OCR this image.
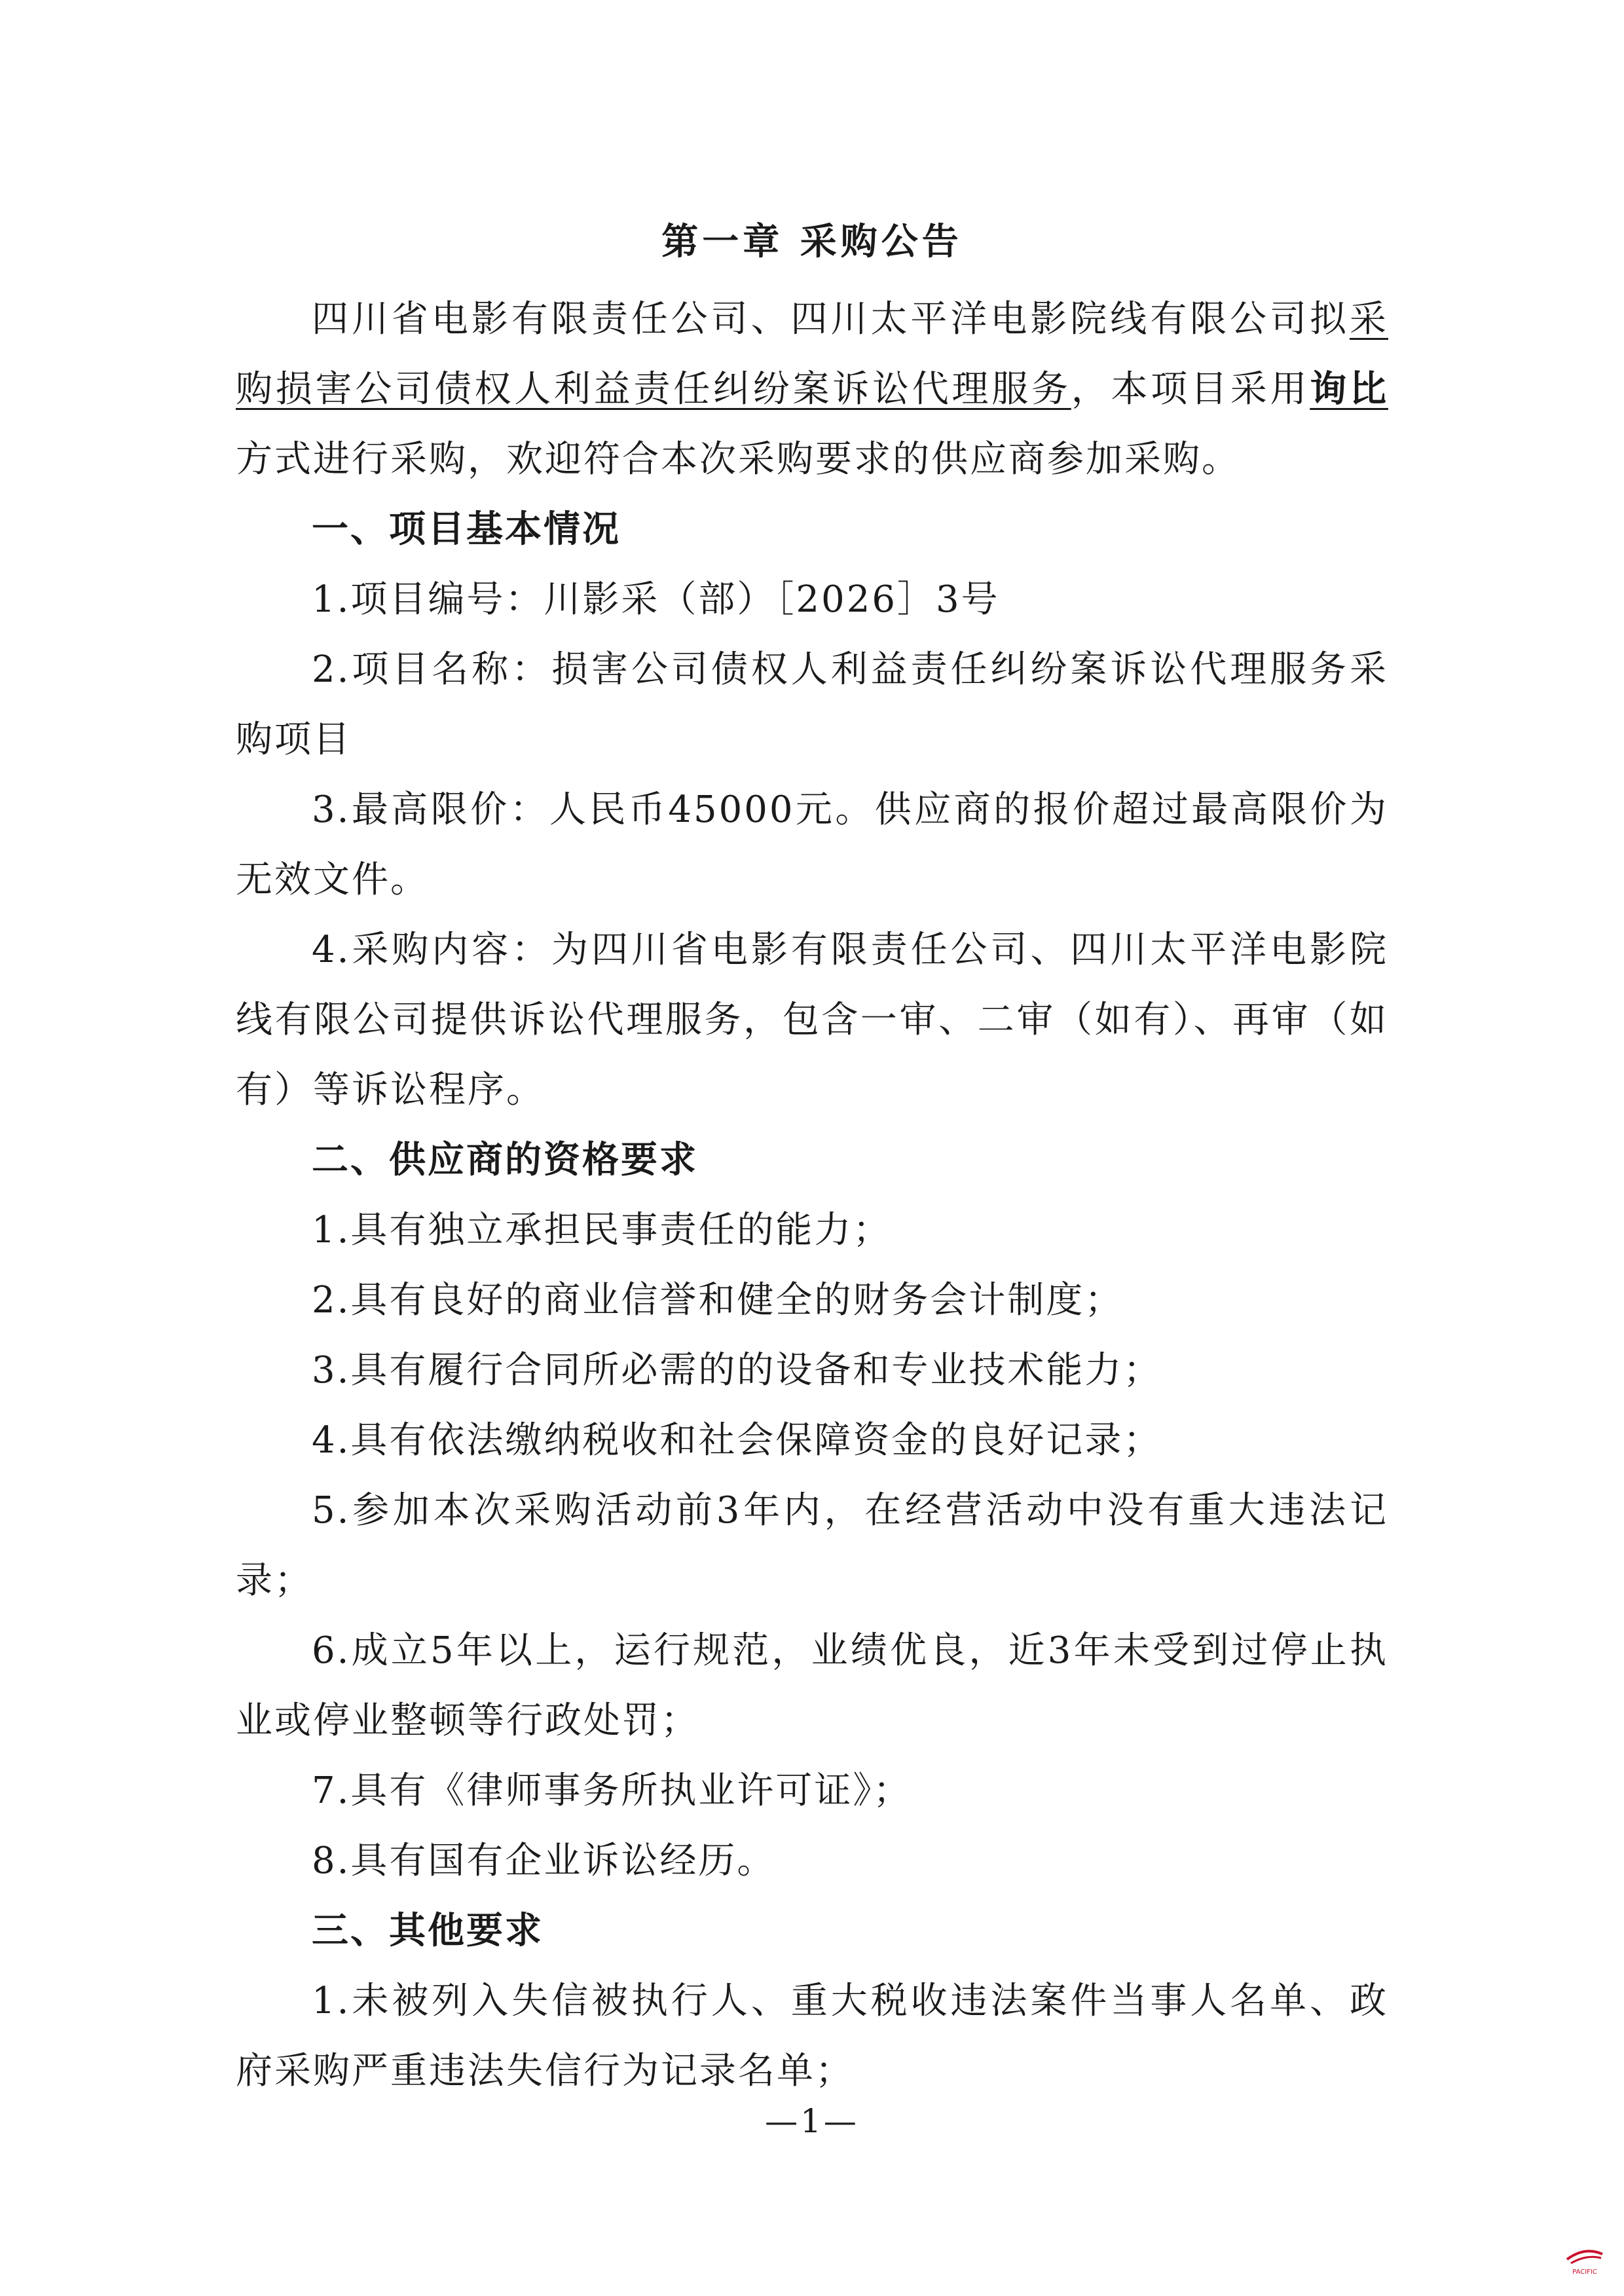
第一章 采购公告

四川省电影有限责任公司、四川太平洋电影院线有限公司拟采购损害公司债权人利益责任纠纷案诉讼代理服务，本项目采用询比方式进行采购，欢迎符合本次采购要求的供应商参加采购。

一、项目基本情况

1.项目编号：川影采（部）［2026］3号

2.项目名称：损害公司债权人利益责任纠纷案诉讼代理服务采购项目

3.最高限价：人民币45000元。供应商的报价超过最高限价为无效文件。

4.采购内容：为四川省电影有限责任公司、四川太平洋电影院线有限公司提供诉讼代理服务，包含一审、二审（如有）、再审（如有）等诉讼程序。

二、供应商的资格要求

1.具有独立承担民事责任的能力；

2.具有良好的商业信誉和健全的财务会计制度；

3.具有履行合同所必需的的设备和专业技术能力；

4.具有依法缴纳税收和社会保障资金的良好记录；

5.参加本次采购活动前3年内，在经营活动中没有重大违法记录；

6.成立5年以上，运行规范，业绩优良，近3年未受到过停止执业或停业整顿等行政处罚；

7.具有《律师事务所执业许可证》；

8.具有国有企业诉讼经历。

三、其他要求

1.未被列入失信被执行人、重大税收违法案件当事人名单、政府采购严重违法失信行为记录名单；

—1—
PACIFIC
